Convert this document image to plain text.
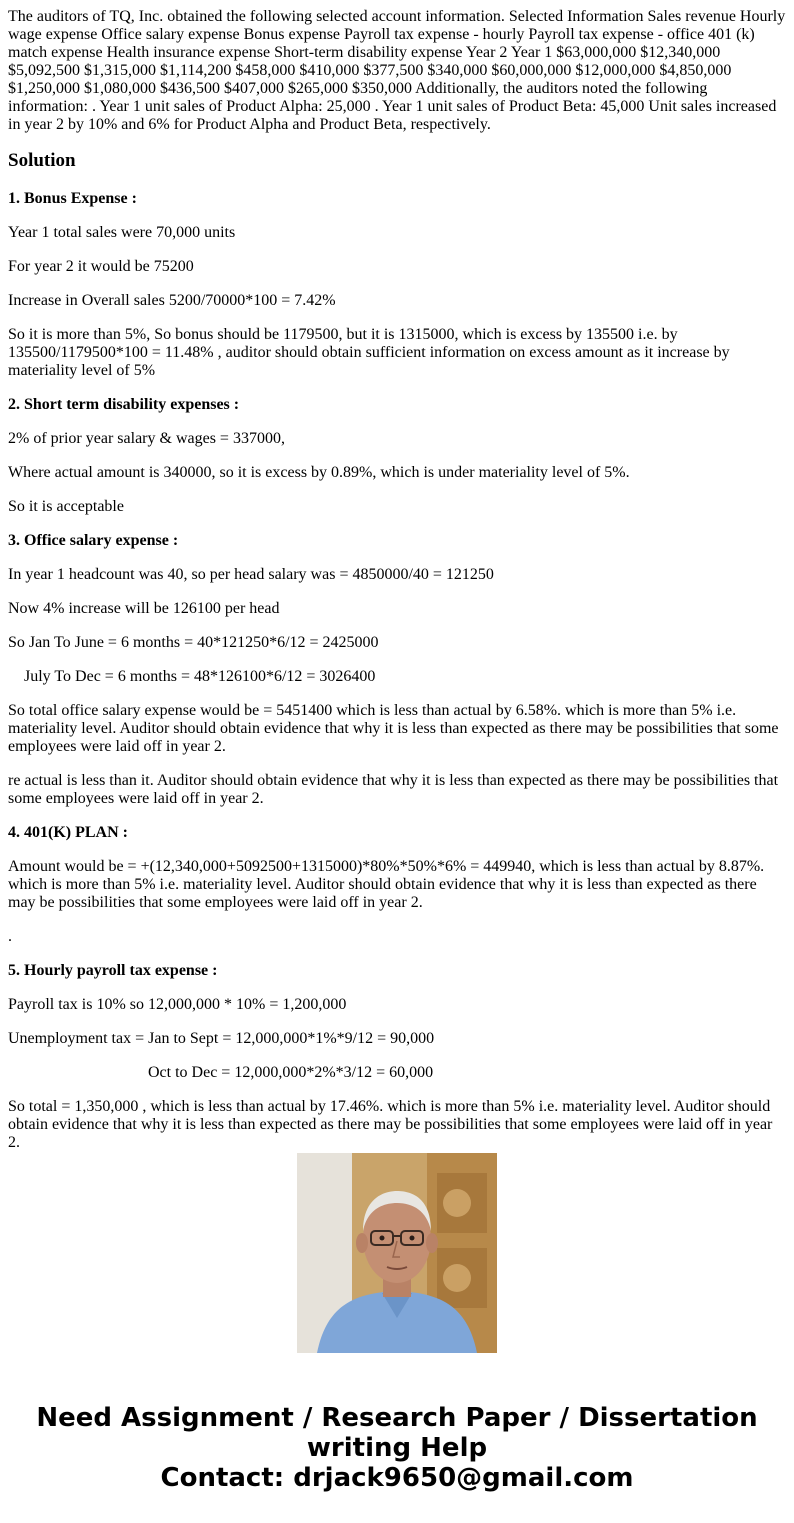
The auditors of TQ, Inc. obtained the following selected account information. Selected Information Sales revenue Hourly wage expense Office salary expense Bonus expense Payroll tax expense - hourly Payroll tax expense - office 401 (k) match expense Health insurance expense Short-term disability expense Year 2 Year 1 $63,000,000 $12,340,000 $5,092,500 $1,315,000 $1,114,200 $458,000 $410,000 $377,500 $340,000 $60,000,000 $12,000,000 $4,850,000 $1,250,000 $1,080,000 $436,500 $407,000 $265,000 $350,000 Additionally, the auditors noted the following information: . Year 1 unit sales of Product Alpha: 25,000 . Year 1 unit sales of Product Beta: 45,000 Unit sales increased in year 2 by 10% and 6% for Product Alpha and Product Beta, respectively.

Solution

1. Bonus Expense :

Year 1 total sales were 70,000 units

For year 2 it would be 75200

Increase in Overall sales 5200/70000*100 = 7.42%

So it is more than 5%, So bonus should be 1179500, but it is 1315000, which is excess by 135500 i.e. by 135500/1179500*100 = 11.48% , auditor should obtain sufficient information on excess amount as it increase by materiality level of 5%

2. Short term disability expenses :

2% of prior year salary & wages = 337000,

Where actual amount is 340000, so it is excess by 0.89%, which is under materiality level of 5%.

So it is acceptable

3. Office salary expense :

In year 1 headcount was 40, so per head salary was = 4850000/40 = 121250

Now 4% increase will be 126100 per head

So Jan To June = 6 months = 40*121250*6/12 = 2425000

July To Dec = 6 months = 48*126100*6/12 = 3026400

So total office salary expense would be = 5451400 which is less than actual by 6.58%. which is more than 5% i.e. materiality level. Auditor should obtain evidence that why it is less than expected as there may be possibilities that some employees were laid off in year 2.

re actual is less than it. Auditor should obtain evidence that why it is less than expected as there may be possibilities that some employees were laid off in year 2.

4. 401(K) PLAN :

Amount would be = +(12,340,000+5092500+1315000)*80%*50%*6% = 449940, which is less than actual by 8.87%. which is more than 5% i.e. materiality level. Auditor should obtain evidence that why it is less than expected as there may be possibilities that some employees were laid off in year 2.

.

5. Hourly payroll tax expense :

Payroll tax is 10% so 12,000,000 * 10% = 1,200,000

Unemployment tax = Jan to Sept = 12,000,000*1%*9/12 = 90,000

Oct to Dec = 12,000,000*2%*3/12 = 60,000

So total = 1,350,000 , which is less than actual by 17.46%. which is more than 5% i.e. materiality level. Auditor should obtain evidence that why it is less than expected as there may be possibilities that some employees were laid off in year 2.

Need Assignment / Research Paper / Dissertation
writing Help
Contact: drjack9650@gmail.com
